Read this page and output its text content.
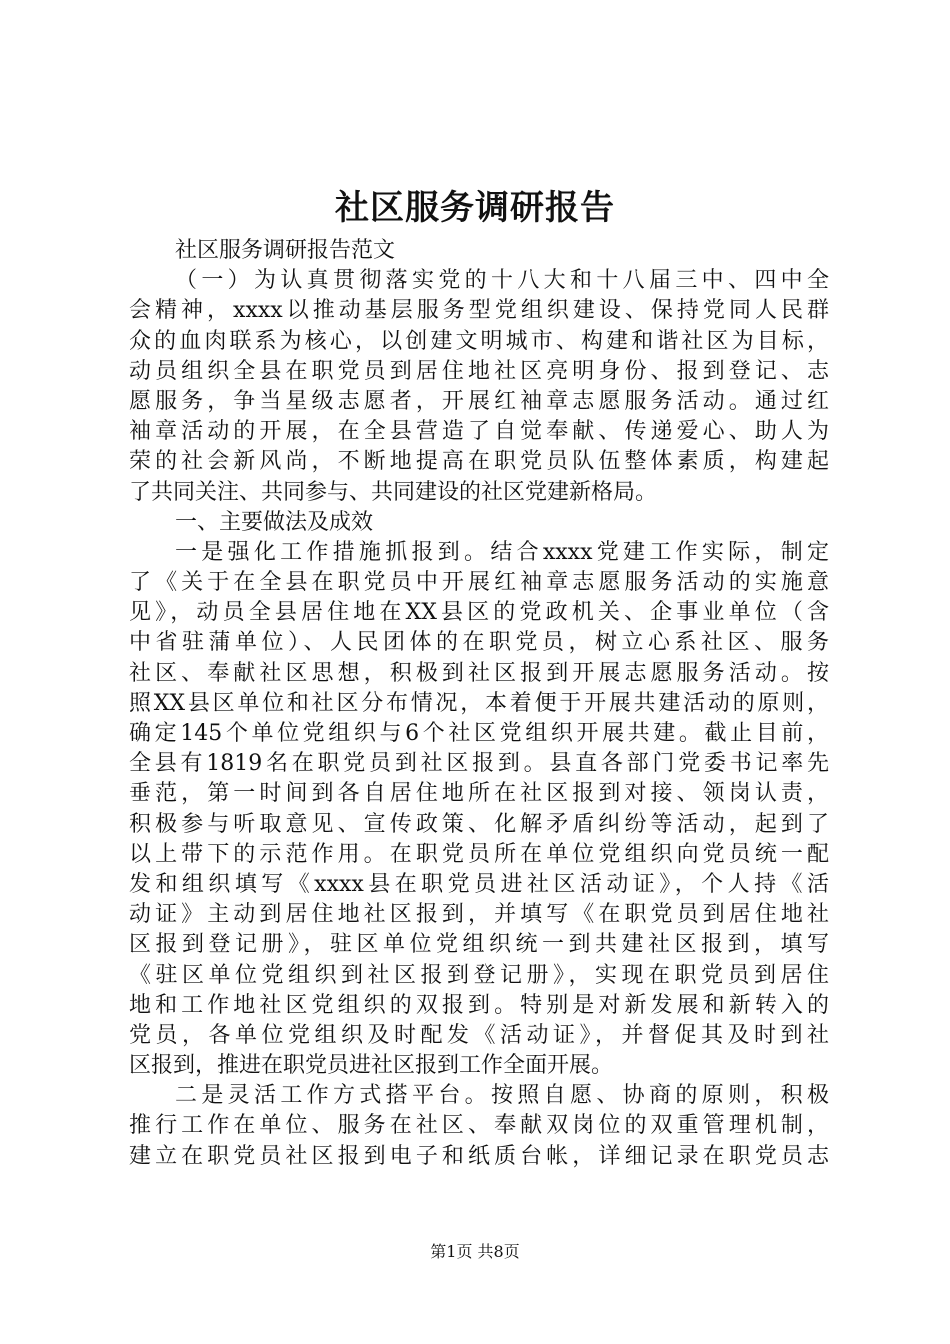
社区服务调研报告
社区服务调研报告范文
（一）为认真贯彻落实党的十八大和十八届三中、四中全
会精神，xxxx以推动基层服务型党组织建设、保持党同人民群
众的血肉联系为核心，以创建文明城市、构建和谐社区为目标，
动员组织全县在职党员到居住地社区亮明身份、报到登记、志
愿服务，争当星级志愿者，开展红袖章志愿服务活动。通过红
袖章活动的开展，在全县营造了自觉奉献、传递爱心、助人为
荣的社会新风尚，不断地提高在职党员队伍整体素质，构建起
了共同关注、共同参与、共同建设的社区党建新格局。
一、主要做法及成效
一是强化工作措施抓报到。结合xxxx党建工作实际，制定
了《关于在全县在职党员中开展红袖章志愿服务活动的实施意
见》，动员全县居住地在XX县区的党政机关、企事业单位（含
中省驻蒲单位）、人民团体的在职党员，树立心系社区、服务
社区、奉献社区思想，积极到社区报到开展志愿服务活动。按
照XX县区单位和社区分布情况，本着便于开展共建活动的原则，
确定145个单位党组织与6个社区党组织开展共建。截止目前，
全县有1819名在职党员到社区报到。县直各部门党委书记率先
垂范，第一时间到各自居住地所在社区报到对接、领岗认责，
积极参与听取意见、宣传政策、化解矛盾纠纷等活动，起到了
以上带下的示范作用。在职党员所在单位党组织向党员统一配
发和组织填写《xxxx县在职党员进社区活动证》，个人持《活
动证》主动到居住地社区报到，并填写《在职党员到居住地社
区报到登记册》，驻区单位党组织统一到共建社区报到，填写
《驻区单位党组织到社区报到登记册》，实现在职党员到居住
地和工作地社区党组织的双报到。特别是对新发展和新转入的
党员，各单位党组织及时配发《活动证》，并督促其及时到社
区报到，推进在职党员进社区报到工作全面开展。
二是灵活工作方式搭平台。按照自愿、协商的原则，积极
推行工作在单位、服务在社区、奉献双岗位的双重管理机制，
建立在职党员社区报到电子和纸质台帐，详细记录在职党员志
第1页 共8页
